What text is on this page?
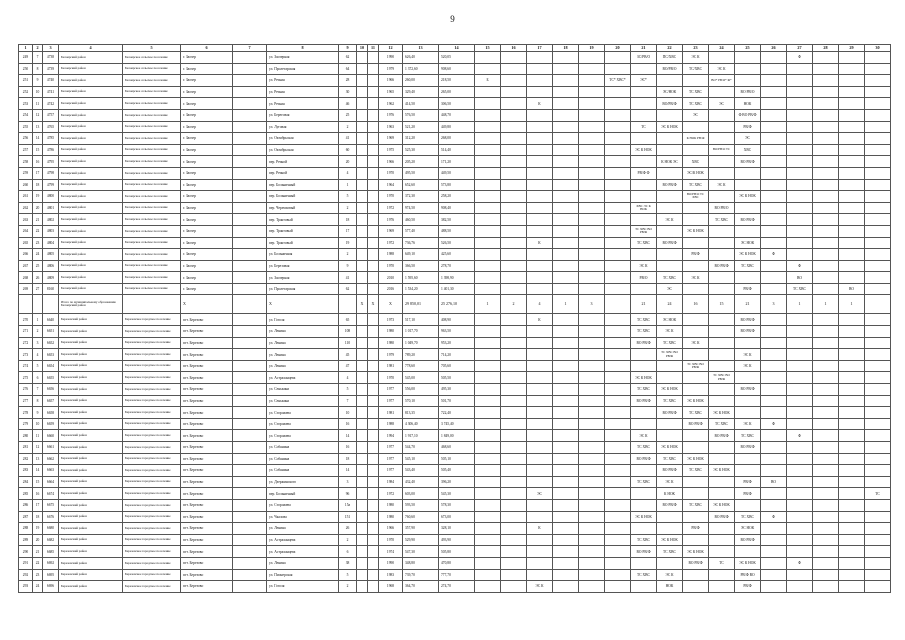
9
1	2	3	4	5	6	7	8	9	10	11	12	13	14	15	16	17	18	19	20	21	22	23	24	25	26	27	28	29	30
249	7	4738	Белоярский район	Белоярское сельское поселение	г. Заозер		ул. Заозерная	62			1990	626,40	520,05							ЗС/РВ/О	ПС/ХВС	ЭС К				Ф			
250	8	4739	Белоярский район	Белоярское сельское поселение	г. Заозер		ул. Пролетарская	64			1979	1 372,60	908,60								ВО/РВ/О	ТС/ХВС	ЭС К						
251	9	4740	Белоярский район	Белоярское сельское поселение	г. Заозер		ул. Речная	28			1966	260,00	218,50	Б					ТС* ХВС*	ЭС*			ВО* РВ/О* Ф*						
252	10	4741	Белоярский район	Белоярское сельское поселение	г. Заозер		ул. Речная	30			1965	329,40	265,00								ЭС/НОК	ТС ХВС		ВО РВ/О					
253	11	4742	Белоярский район	Белоярское сельское поселение	г. Заозер		ул. Речная	46			1962	414,50	306,50			К					ВО/РВ/Ф	ТС ХВС	ЭС	НОК					
254	12	4757	Белоярский район	Белоярское сельское поселение	г. Заозер		ул. Береговая	25			1976	576,50	448,70									ЭС		Ф ВО РВ/Ф					
255	13	4765	Белоярский район	Белоярское сельское поселение	г. Заозер		ул. Луговая	2			1963	521,20	449,80							ТС	ЭС К НОК			РВ/Ф					
256	14	4785	Белоярский район	Белоярское сельское поселение	г. Заозер		ул. Октябрьская	41			1969	312,20	268,00									К НОК РВ/Ф		ЭС					
257	15	4786	Белоярский район	Белоярское сельское поселение	г. Заозер		ул. Октябрьская	60			1975	525,30	514,40							ЭС К НОК			ВО/РВ/О ТС	ХВС					
258	16	4795	Белоярский район	Белоярское сельское поселение	г. Заозер		пер. Речной	20			1966	205,20	171,20								К НОК ЭС	ХВС		ВО РВ/Ф					
259	17	4798	Белоярский район	Белоярское сельское поселение	г. Заозер		пер. Речной	4			1970	495,50	449,50							РВ/Ф Ф		ЭС/К НОК							
260	18	4799	Белоярский район	Белоярское сельское поселение	г. Заозер		пер. Больничный	1			1964	652,60	573,80								ВО РВ/Ф	ТС ХВС	ЭС К						
261	19	4800	Белоярский район	Белоярское сельское поселение	г. Заозер		пер. Больничный	5			1970	372,30	258,20									ВО/РВ/О ТС ХВС		ЭС К НОК					
262	20	4801	Белоярский район	Белоярское сельское поселение	г. Заозер		пер. Черемховый	2			1972	974,50	908,40							ХВС ЭС К НОК			ВО РВ/О						
263	21	4802	Белоярский район	Белоярское сельское поселение	г. Заозер		пер. Трактовый	18			1976	460,50	382,50								ЭС К		ТС ХВС	ВО РВ/Ф					
264	22	4803	Белоярский район	Белоярское сельское поселение	г. Заозер		пер. Трактовый	17			1969	577,40	488,50							ТС ХВС ВО РВ/Ф		ЭС К НОК							
265	23	4804	Белоярский район	Белоярское сельское поселение	г. Заозер		пер. Трактовый	19			1972	736,76	526,50			К				ТС ХВС	ВО РВ/Ф			ЭС НОК					
266	24	4805	Белоярский район	Белоярское сельское поселение	г. Заозер		ул. Больничная	2			1988	649,10	425,60									РВ/Ф		ЭС К НОК	Ф				
267	25	4806	Белоярский район	Белоярское сельское поселение	г. Заозер		ул. Березовая	9			1970	366,50	278,70							ЭС К			ВО РВ/Ф	ТС ХВС		Ф			
268	26	4809	Белоярский район	Белоярское сельское поселение	г. Заозер		ул. Заозерная	41			2010	1 595,60	1 398,90							РВ/О	ТС ХВС	ЭС К				ВО			
269	27	8160	Белоярский район	Белоярское сельское поселение	г. Заозер		ул. Пролетарская	62			2016	1 534,20	1 401,30								ЭС			РВ/Ф		ТС ХВС		ВО	
			Итого по муниципальному образованию Белоярский район		Х		Х		Х	Х	Х	29 850,01	25 276,10	1	2	4	1	3		21	24	16	15	21	3	1	1	1	
270	1	6640	Березовский район	Березовское городское поселение	пгт. Березово		ул. Гоголя	65			1973	517,10	408,90			К				ТС ХВС	ЭС НОК			ВО РВ/Ф					
271	2	6651	Березовский район	Березовское городское поселение	пгт. Березово		ул. Ленина	108			1980	1 017,70	963,50							ТС ХВС	ЭС К			ВО РВ/Ф					
272	3	6652	Березовский район	Березовское городское поселение	пгт. Березово		ул. Ленина	110			1980	1 049,70	953,20							ВО РВ/Ф	ТС ХВС	ЭС К							
273	4	6653	Березовский район	Березовское городское поселение	пгт. Березово		ул. Ленина	45			1979	789,20	714,20								ТС ХВС ВО РВ/Ф			ЭС К					
274	5	6654	Березовский район	Березовское городское поселение	пгт. Березово		ул. Ленина	47			1981	778,60	705,60									ТС ХВС ВО РВ/Ф		ЭС К					
275	6	6655	Березовский район	Березовское городское поселение	пгт. Березово		ул. Астраханцева	4			1970	545,00	505,50							ЭС К НОК			ТС ХВС ВО РВ/Ф						
276	7	6656	Березовский район	Березовское городское поселение	пгт. Березово		ул. Сенькина	5			1977	556,00	495,30							ТС ХВС	ЭС К НОК			ВО РВ/Ф					
277	8	6657	Березовский район	Березовское городское поселение	пгт. Березово		ул. Сенькина	7			1977	570,10	501,70							ВО РВ/Ф	ТС ХВС	ЭС К НОК							
278	9	6658	Березовский район	Березовское городское поселение	пгт. Березово		ул. Сторожева	10			1981	813,35	722,40								ВО РВ/Ф	ТС ХВС	ЭС К НОК						
279	10	6659	Березовский район	Березовское городское поселение	пгт. Березово		ул. Сторожева	16			1988	4 306,40	3 745,40									ВО РВ/Ф	ТС ХВС	ЭС К	Ф				
280	11	6660	Березовский район	Березовское городское поселение	пгт. Березово		ул. Сторожева	14			1994	1 917,10	1 849,00							ЭС К			ВО РВ/Ф	ТС ХВС		Ф			
281	12	6661	Березовский район	Березовское городское поселение	пгт. Березово		ул. Собянина	16			1977	544,70	468,60							ТС ХВС	ЭС К НОК			ВО РВ/Ф					
282	13	6662	Березовский район	Березовское городское поселение	пгт. Березово		ул. Собянина	18			1977	545,10	505,10							ВО РВ/Ф	ТС ХВС	ЭС К НОК							
283	14	6663	Березовский район	Березовское городское поселение	пгт. Березово		ул. Собянина	14			1977	543,40	505,40								ВО РВ/Ф	ТС ХВС	ЭС К НОК						
284	15	6664	Березовский район	Березовское городское поселение	пгт. Березово		ул. Дзержинского	3			1984	432,40	396,20							ТС ХВС	ЭС К			РВ/Ф	ВО				
285	16	6674	Березовский район	Березовское городское поселение	пгт. Березово		пер. Больничный	96			1972	603,00	545,30			ЭС					К НОК			РВ/Ф					ТС
286	17	6675	Березовский район	Березовское городское поселение	пгт. Березово		ул. Сторожева	15а			1980	593,50	578,30								ВО РВ/Ф	ТС ХВС	ЭС К НОК						
287	18	6676	Березовский район	Березовское городское поселение	пгт. Березово		ул. Чкалова	151			1980	760,60	673,00							ЭС К НОК			ВО РВ/Ф	ТС ХВС	Ф				
288	19	6680	Березовский район	Березовское городское поселение	пгт. Березово		ул. Ленина	26			1966	357,90	328,10			К						РВ/Ф		ЭС НОК					
289	20	6682	Березовский район	Березовское городское поселение	пгт. Березово		ул. Астраханцева	2			1970	529,90	493,90							ТС ХВС	ЭС К НОК			ВО РВ/Ф					
290	21	6685	Березовский район	Березовское городское поселение	пгт. Березово		ул. Астраханцева	6			1974	547,30	505,80							ВО РВ/Ф	ТС ХВС	ЭС К НОК							
291	22	6692	Березовский район	Березовское городское поселение	пгт. Березово		ул. Ленина	38			1990	348,80	470,80									ВО РВ/Ф	ТС	ЭС К НОК		Ф			
292	23	6695	Березовский район	Березовское городское поселение	пгт. Березово		ул. Пионерская	5			1983	739,70	777,70							ТС ХВС	ЭС К			РВ/Ф ВО					
293	24	6696	Березовский район	Березовское городское поселение	пгт. Березово		ул. Гоголя	2			1968	364,70	274,70			ЭС К					НОК			РВ/Ф					
